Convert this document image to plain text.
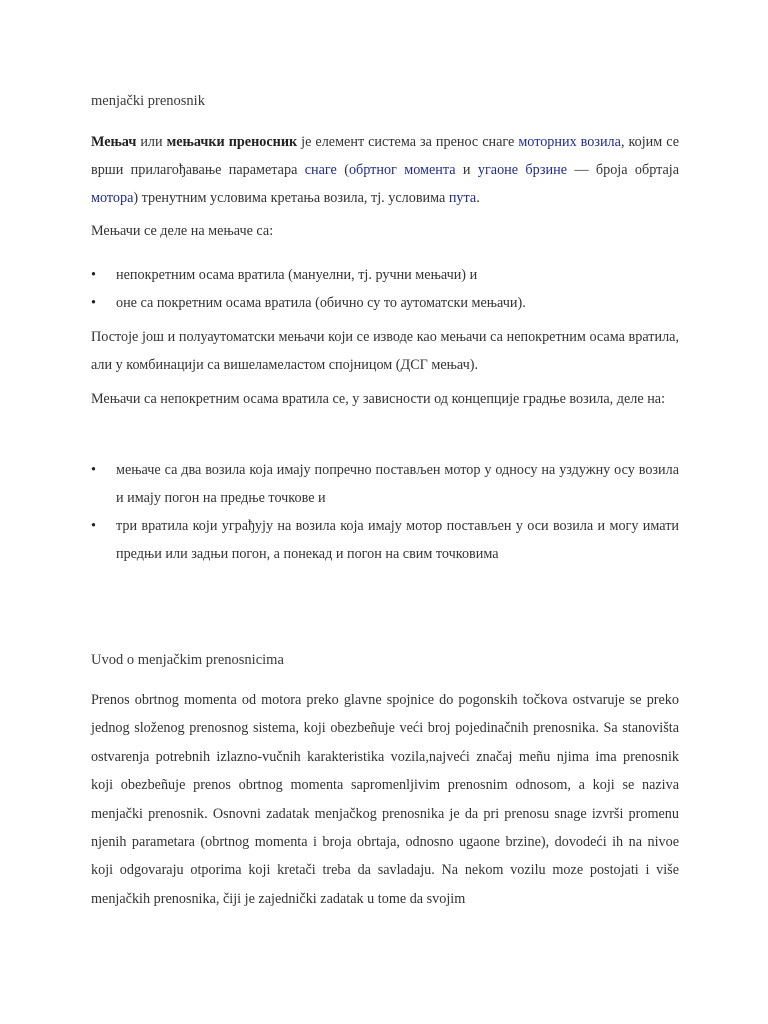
menjački prenosnik
Мењач или мењачки преносник је елемент система за пренос снаге моторних возила, којим се врши прилагођавање параметара снаге (обртног момента и угаоне брзине — броја обртаја мотора) тренутним условима кретања возила, тј. условима пута.
Мењачи се деле на мењаче са:
• непокретним осама вратила (мануелни, тј. ручни мењачи) и
• оне са покретним осама вратила (обично су то аутоматски мењачи).
Постоје још и полуаутоматски мењачи који се изводе као мењачи са непокретним осама вратила, али у комбинацији са вишеламеластом спојницом (ДСГ мењач).
Мењачи са непокретним осама вратила се, у зависности од концепције градње возила, деле на:
• мењаче са два возила која имају попречно постављен мотор у односу на уздужну осу возила и имају погон на предње точкове и
• три вратила који уграђују на возила која имају мотор постављен у оси возила и могу имати предњи или задњи погон, а понекад и погон на свим точковима
Uvod o menjačkim prenosnicima
Prenos obrtnog momenta od motora preko glavne spojnice do pogonskih točkova ostvaruje se preko jednog složenog prenosnog sistema, koji obezbeñuje veći broj pojedinačnih prenosnika. Sa stanovišta ostvarenja potrebnih izlazno-vučnih karakteristika vozila,najveći značaj meñu njima ima prenosnik koji obezbeñuje prenos obrtnog momenta sapromenljivim prenosnim odnosom, a koji se naziva menjački prenosnik. Osnovni zadatak menjačkog prenosnika je da pri prenosu snage izvrši promenu njenih parametara (obrtnog momenta i broja obrtaja, odnosno ugaone brzine), dovodeći ih na nivoe koji odgovaraju otporima koji kretači treba da savladaju. Na nekom vozilu moze postojati i više menjačkih prenosnika, čiji je zajednički zadatak u tome da svojim
